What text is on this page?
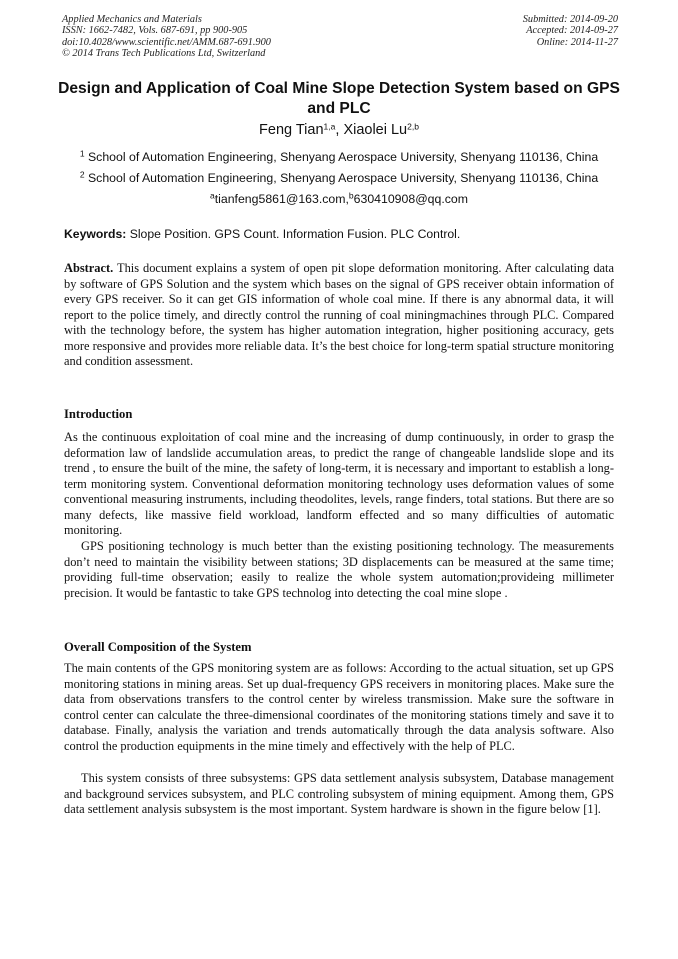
Applied Mechanics and Materials
ISSN: 1662-7482, Vols. 687-691, pp 900-905
doi:10.4028/www.scientific.net/AMM.687-691.900
© 2014 Trans Tech Publications Ltd, Switzerland
Submitted: 2014-09-20
Accepted: 2014-09-27
Online: 2014-11-27
Design and Application of Coal Mine Slope Detection System based on GPS and PLC
Feng Tian$^{1,a}$, Xiaolei Lu$^{2,b}$
$^1$ School of Automation Engineering, Shenyang Aerospace University, Shenyang 110136, China
$^2$ School of Automation Engineering, Shenyang Aerospace University, Shenyang 110136, China
$^a$tianfeng5861@163.com,$^b$630410908@qq.com
Keywords: Slope Position. GPS Count. Information Fusion. PLC Control.
Abstract. This document explains a system of open pit slope deformation monitoring. After calculating data by software of GPS Solution and the system which bases on the signal of GPS receiver obtain information of every GPS receiver. So it can get GIS information of whole coal mine. If there is any abnormal data, it will report to the police timely, and directly control the running of coal miningmachines through PLC. Compared with the technology before, the system has higher automation integration, higher positioning accuracy, gets more responsive and provides more reliable data. It’s the best choice for long-term spatial structure monitoring and condition assessment.
Introduction
As the continuous exploitation of coal mine and the increasing of dump continuously, in order to grasp the deformation law of landslide accumulation areas, to predict the range of changeable landslide slope and its trend , to ensure the built of the mine, the safety of long-term, it is necessary and important to establish a long-term monitoring system. Conventional deformation monitoring technology uses deformation values of some conventional measuring instruments, including theodolites, levels, range finders, total stations. But there are so many defects, like massive field workload, landform effected and so many difficulties of automatic monitoring.
GPS positioning technology is much better than the existing positioning technology. The measurements don’t need to maintain the visibility between stations; 3D displacements can be measured at the same time; providing full-time observation; easily to realize the whole system automation;provideing millimeter precision. It would be fantastic to take GPS technolog into detecting the coal mine slope .
Overall Composition of the System
The main contents of the GPS monitoring system are as follows: According to the actual situation, set up GPS monitoring stations in mining areas. Set up dual-frequency GPS receivers in monitoring places. Make sure the data from observations transfers to the control center by wireless transmission. Make sure the software in control center can calculate the three-dimensional coordinates of the monitoring stations timely and save it to database. Finally, analysis the variation and trends automatically through the data analysis software. Also control the production equipments in the mine timely and effectively with the help of PLC.
This system consists of three subsystems: GPS data settlement analysis subsystem, Database management and background services subsystem, and PLC controling subsystem of mining equipment. Among them, GPS data settlement analysis subsystem is the most important. System hardware is shown in the figure below [1].
